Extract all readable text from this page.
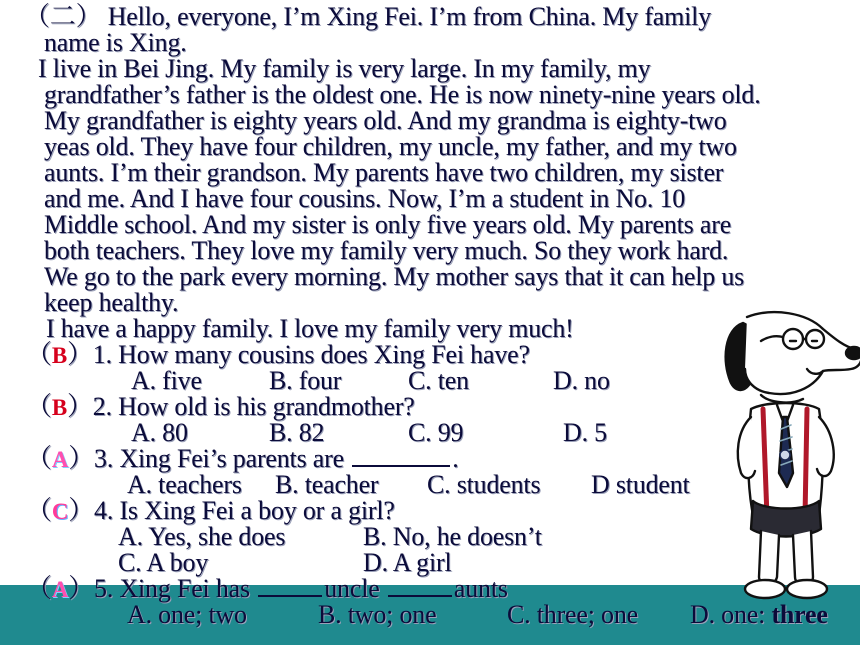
（二） Hello, everyone, I’m Xing Fei. I’m from China. My family
name is Xing.
I live in Bei Jing. My family is very large. In my family, my
grandfather’s father is the oldest one. He is now ninety-nine years old.
My grandfather is eighty years old. And my grandma is eighty-two
yeas old. They have four children, my uncle, my father, and my two
aunts. I’m their grandson. My parents have two children, my sister
and me. And I have four cousins. Now, I’m a student in No. 10
Middle school. And my sister is only five years old. My parents are
both teachers. They love my family very much. So they work hard.
We go to the park every morning. My mother says that it can help us
keep healthy.
I have a happy family. I love my family very much!
（B）1. How many cousins does Xing Fei have?
A. five	B. four	C. ten	D. no
（B）2. How old is his grandmother?
A. 80	B. 82	C. 99	D. 5
（A）3. Xing Fei’s parents are	.
A. teachers B. teacher C. students D student
（C）4. Is Xing Fei a boy or a girl?
A. Yes, she does	B. No, he doesn’t
C. A boy	D. A girl
（A）5. Xing Fei has	uncle	aunts
A. one; two	B. two; one	C. three; one D. one: three
